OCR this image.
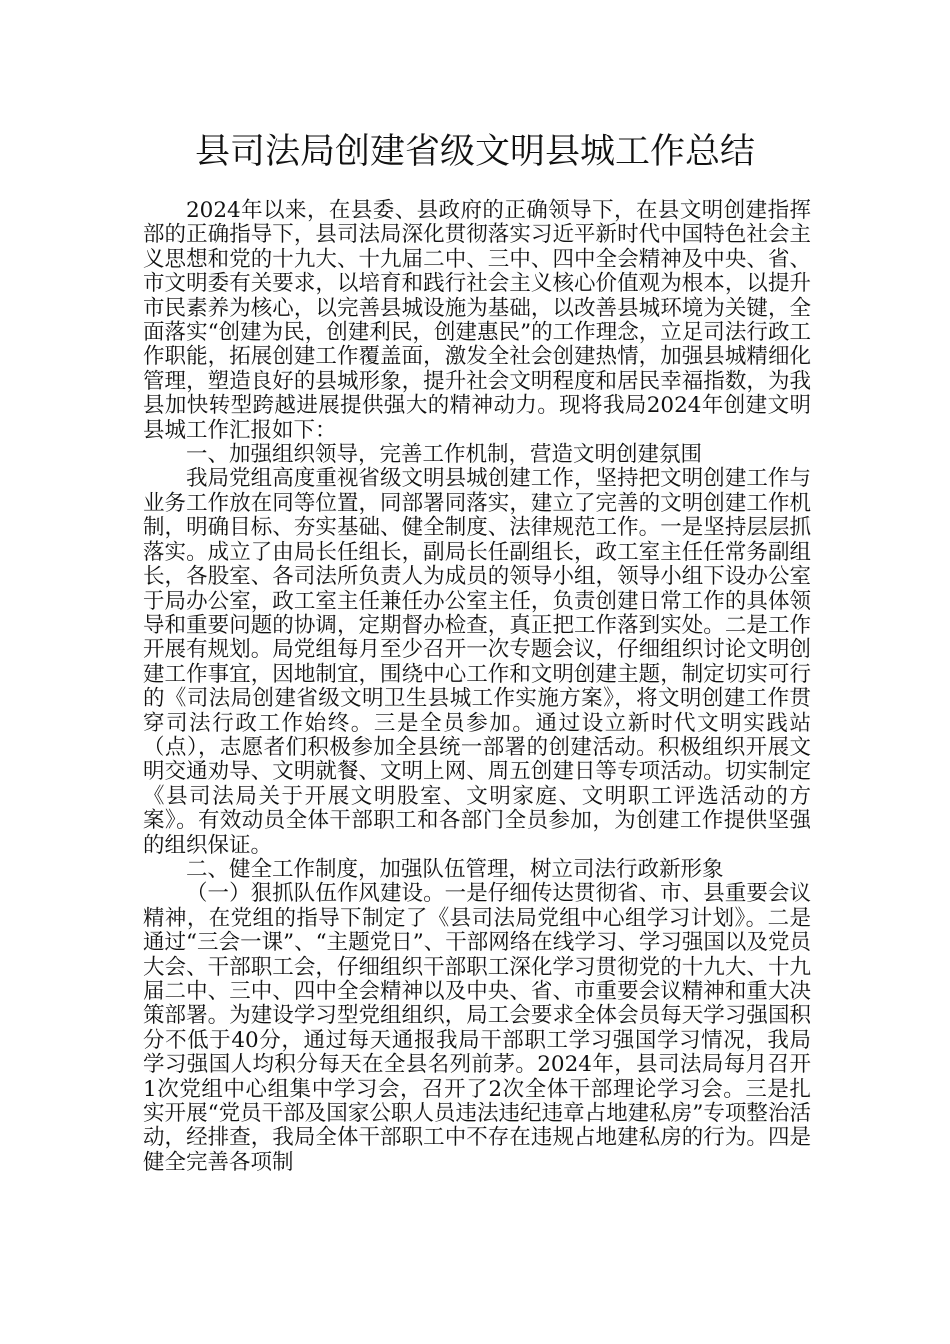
县司法局创建省级文明县城工作总结

2024年以来，在县委、县政府的正确领导下，在县文明创建指挥部的正确指导下，县司法局深化贯彻落实习近平新时代中国特色社会主义思想和党的十九大、十九届二中、三中、四中全会精神及中央、省、市文明委有关要求，以培育和践行社会主义核心价值观为根本，以提升市民素养为核心，以完善县城设施为基础，以改善县城环境为关键，全面落实“创建为民，创建利民，创建惠民”的工作理念，立足司法行政工作职能，拓展创建工作覆盖面，激发全社会创建热情，加强县城精细化管理，塑造良好的县城形象，提升社会文明程度和居民幸福指数，为我县加快转型跨越进展提供强大的精神动力。现将我局2024年创建文明县城工作汇报如下：

一、加强组织领导，完善工作机制，营造文明创建氛围

我局党组高度重视省级文明县城创建工作，坚持把文明创建工作与业务工作放在同等位置，同部署同落实，建立了完善的文明创建工作机制，明确目标、夯实基础、健全制度、法律规范工作。一是坚持层层抓落实。成立了由局长任组长，副局长任副组长，政工室主任任常务副组长，各股室、各司法所负责人为成员的领导小组，领导小组下设办公室于局办公室，政工室主任兼任办公室主任，负责创建日常工作的具体领导和重要问题的协调，定期督办检查，真正把工作落到实处。二是工作开展有规划。局党组每月至少召开一次专题会议，仔细组织讨论文明创建工作事宜，因地制宜，围绕中心工作和文明创建主题，制定切实可行的《司法局创建省级文明卫生县城工作实施方案》，将文明创建工作贯穿司法行政工作始终。三是全员参加。通过设立新时代文明实践站（点），志愿者们积极参加全县统一部署的创建活动。积极组织开展文明交通劝导、文明就餐、文明上网、周五创建日等专项活动。切实制定《县司法局关于开展文明股室、文明家庭、文明职工评选活动的方案》。有效动员全体干部职工和各部门全员参加，为创建工作提供坚强的组织保证。

二、健全工作制度，加强队伍管理，树立司法行政新形象

（一）狠抓队伍作风建设。一是仔细传达贯彻省、市、县重要会议精神，在党组的指导下制定了《县司法局党组中心组学习计划》。二是通过“三会一课”、“主题党日”、干部网络在线学习、学习强国以及党员大会、干部职工会，仔细组织干部职工深化学习贯彻党的十九大、十九届二中、三中、四中全会精神以及中央、省、市重要会议精神和重大决策部署。为建设学习型党组组织，局工会要求全体会员每天学习强国积分不低于40分，通过每天通报我局干部职工学习强国学习情况，我局学习强国人均积分每天在全县名列前茅。2024年，县司法局每月召开1次党组中心组集中学习会，召开了2次全体干部理论学习会。三是扎实开展“党员干部及国家公职人员违法违纪违章占地建私房”专项整治活动，经排查，我局全体干部职工中不存在违规占地建私房的行为。四是健全完善各项制
